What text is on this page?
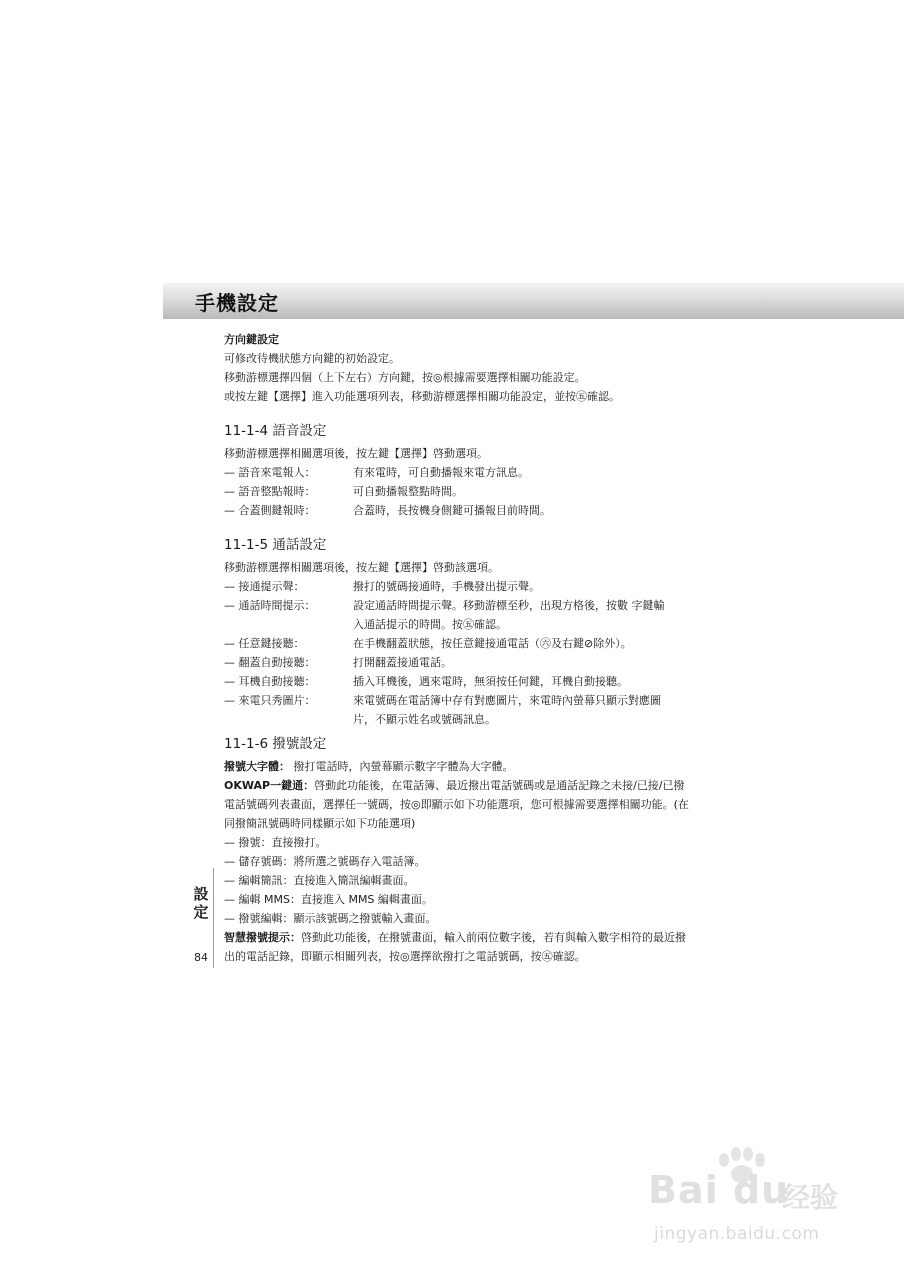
手機設定
方向鍵設定
可修改待機狀態方向鍵的初始設定。
移動游標選擇四個（上下左右）方向鍵，按◎根據需要選擇相關功能設定。
或按左鍵【選擇】進入功能選項列表，移動游標選擇相關功能設定，並按㊄確認。
11-1-4 語音設定
移動游標選擇相關選項後，按左鍵【選擇】啓動選項。
— 語音來電報人：	有來電時，可自動播報來電方訊息。
— 語音整點報時：	可自動播報整點時間。
— 合蓋側鍵報時：	合蓋時，長按機身側鍵可播報目前時間。
11-1-5 通話設定
移動游標選擇相關選項後，按左鍵【選擇】啓動該選項。
— 接通提示聲：	撥打的號碼接通時，手機發出提示聲。
— 通話時間提示：	設定通話時間提示聲。移動游標至秒，出現方格後，按數 字鍵輸入通話提示的時間。按㊄確認。
— 任意鍵接聽：	在手機翻蓋狀態，按任意鍵接通電話（㊅及右鍵⊘除外）。
— 翻蓋自動接聽：	打開翻蓋接通電話。
— 耳機自動接聽：	插入耳機後，遇來電時，無須按任何鍵，耳機自動接聽。
— 來電只秀圖片：	來電號碼在電話簿中存有對應圖片，來電時內螢幕只顯示對應圖片，不顯示姓名或號碼訊息。
11-1-6 撥號設定
撥號大字體： 撥打電話時，內螢幕顯示數字字體為大字體。
OKWAP一鍵通：啓動此功能後，在電話簿、最近撥出電話號碼或是通話記錄之未接/已接/已撥電話號碼列表畫面，選擇任一號碼，按◎即顯示如下功能選項，您可根據需要選擇相關功能。(在同撥簡訊號碼時同樣顯示如下功能選項)
— 撥號：直接撥打。
— 儲存號碼：將所選之號碼存入電話簿。
— 編輯簡訊：直接進入簡訊編輯畫面。
— 編輯 MMS：直接進入 MMS 編輯畫面。
— 撥號編輯：顯示該號碼之撥號輸入畫面。
智慧撥號提示：啓動此功能後，在撥號畫面，輸入前兩位數字後，若有與輸入數字相符的最近撥出的電話記錄，即顯示相關列表，按◎選擇欲撥打之電話號碼，按㊄確認。
設
定
84
Bai du
经验
jingyan.baidu.com
